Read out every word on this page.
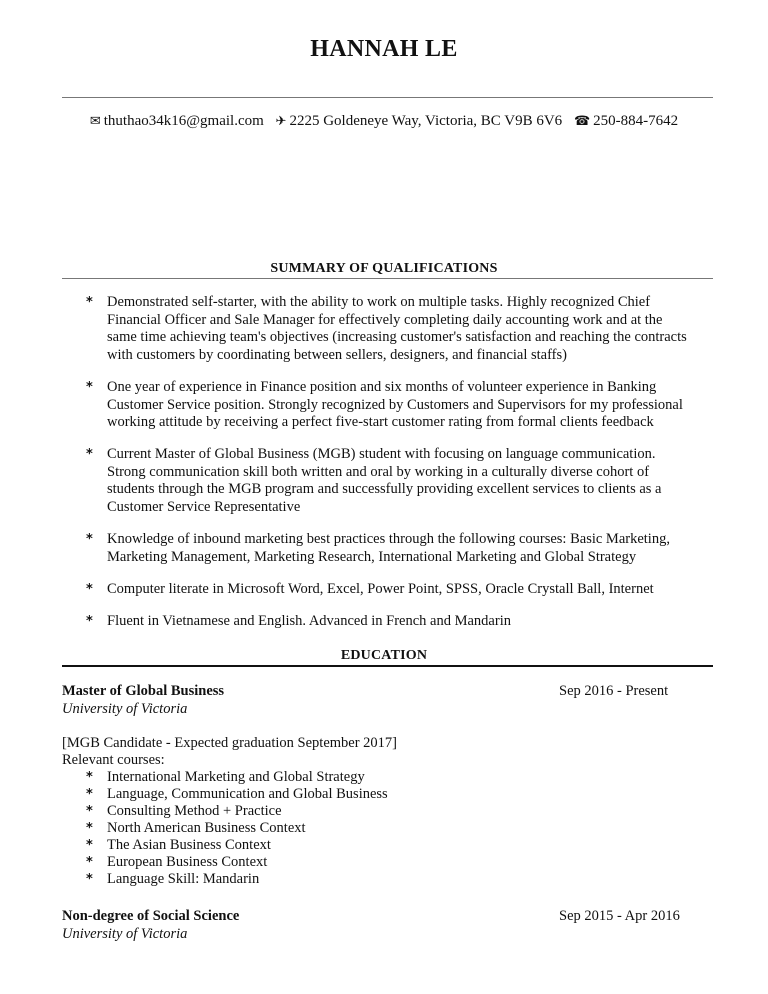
HANNAH LE
✉ thuthao34k16@gmail.com ✈ 2225 Goldeneye Way, Victoria, BC V9B 6V6 ☎ 250-884-7642
SUMMARY OF QUALIFICATIONS
* Demonstrated self-starter, with the ability to work on multiple tasks. Highly recognized Chief
Financial Officer and Sale Manager for effectively completing daily accounting work and at the
same time achieving team's objectives (increasing customer's satisfaction and reaching the contracts
with customers by coordinating between sellers, designers, and financial staffs)
* One year of experience in Finance position and six months of volunteer experience in Banking
Customer Service position. Strongly recognized by Customers and Supervisors for my professional
working attitude by receiving a perfect five-start customer rating from formal clients feedback
* Current Master of Global Business (MGB) student with focusing on language communication.
Strong communication skill both written and oral by working in a culturally diverse cohort of
students through the MGB program and successfully providing excellent services to clients as a
Customer Service Representative
* Knowledge of inbound marketing best practices through the following courses: Basic Marketing,
Marketing Management, Marketing Research, International Marketing and Global Strategy
* Computer literate in Microsoft Word, Excel, Power Point, SPSS, Oracle Crystall Ball, Internet
* Fluent in Vietnamese and English. Advanced in French and Mandarin
EDUCATION
Master of Global Business	Sep 2016 - Present
University of Victoria
[MGB Candidate - Expected graduation September 2017]
Relevant courses:
* International Marketing and Global Strategy
* Language, Communication and Global Business
* Consulting Method + Practice
* North American Business Context
* The Asian Business Context
* European Business Context
* Language Skill: Mandarin
Non-degree of Social Science	Sep 2015 - Apr 2016
University of Victoria
